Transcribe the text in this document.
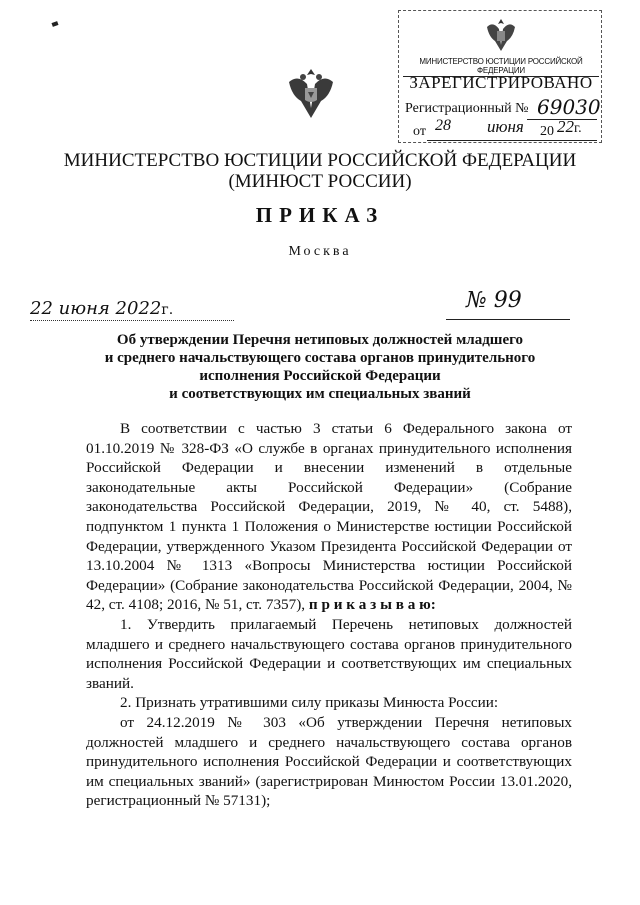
МИНИСТЕРСТВО ЮСТИЦИИ РОССИЙСКОЙ ФЕДЕРАЦИИ
ЗАРЕГИСТРИРОВАНО
Регистрационный № 69030
от 28 июня 20 22г.
МИНИСТЕРСТВО ЮСТИЦИИ РОССИЙСКОЙ ФЕДЕРАЦИИ
(МИНЮСТ РОССИИ)
ПРИКАЗ
Москва
22 июня 2022г.	№ 99
Об утверждении Перечня нетиповых должностей младшего
и среднего начальствующего состава органов принудительного
исполнения Российской Федерации
и соответствующих им специальных званий

В соответствии с частью 3 статьи 6 Федерального закона от 01.10.2019 № 328-ФЗ «О службе в органах принудительного исполнения Российской Федерации и внесении изменений в отдельные законодательные акты Российской Федерации» (Собрание законодательства Российской Федерации, 2019, № 40, ст. 5488), подпунктом 1 пункта 1 Положения о Министерстве юстиции Российской Федерации, утвержденного Указом Президента Российской Федерации от 13.10.2004 № 1313 «Вопросы Министерства юстиции Российской Федерации» (Собрание законодательства Российской Федерации, 2004, № 42, ст. 4108; 2016, № 51, ст. 7357), п р и к а з ы в а ю:

1. Утвердить прилагаемый Перечень нетиповых должностей младшего и среднего начальствующего состава органов принудительного исполнения Российской Федерации и соответствующих им специальных званий.

2. Признать утратившими силу приказы Минюста России:

от 24.12.2019 № 303 «Об утверждении Перечня нетиповых должностей младшего и среднего начальствующего состава органов принудительного исполнения Российской Федерации и соответствующих им специальных званий» (зарегистрирован Минюстом России 13.01.2020, регистрационный № 57131);
